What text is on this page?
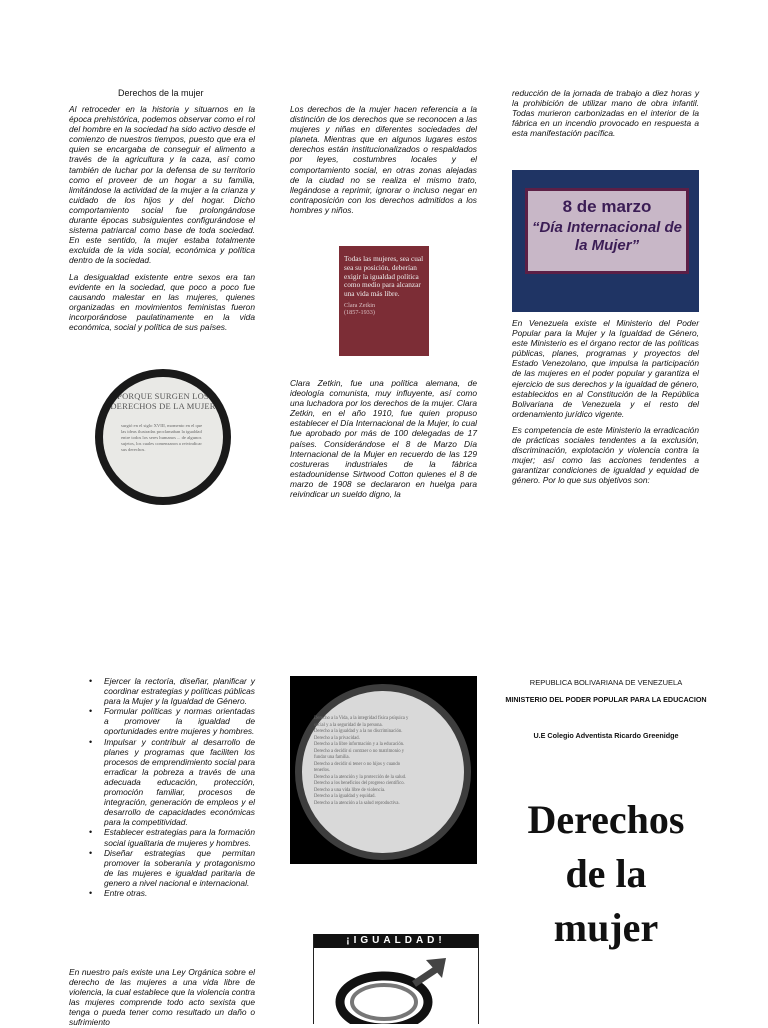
Derechos de la mujer

Al retroceder en la historia y situarnos en la época prehistórica, podemos observar como el rol del hombre en la sociedad ha sido activo desde el comienzo de nuestros tiempos, puesto que era el quien se encargaba de conseguir el alimento a través de la agricultura y la caza, así como también de luchar por la defensa de su territorio como el proveer de un hogar a su familia, limitándose la actividad de la mujer a la crianza y cuidado de los hijos y del hogar. Dicho comportamiento social fue prolongándose durante épocas subsiguientes configurándose el sistema patriarcal como base de toda sociedad. En este sentido, la mujer estaba totalmente excluida de la vida social, económica y política dentro de la sociedad.

La desigualdad existente entre sexos era tan evidente en la sociedad, que poco a poco fue causando malestar en las mujeres, quienes organizadas en movimientos feministas fueron incorporándose paulatinamente en la vida económica, social y política de sus países.

PORQUE SURGEN LOS DERECHOS DE LA MUJER
surgió en el siglo XVIII, momento en el que las ideas ilustradas proclamaban la igualdad entre todos los seres humanos ... de algunos sujetos, los cuales comenzaron a reivindicar sus derechos.

Los derechos de la mujer hacen referencia a la distinción de los derechos que se reconocen a las mujeres y niñas en diferentes sociedades del planeta. Mientras que en algunos lugares estos derechos están institucionalizados o respaldados por leyes, costumbres locales y el comportamiento social, en otras zonas alejadas de la ciudad no se realiza el mismo trato, llegándose a reprimir, ignorar o incluso negar en contraposición con los derechos admitidos a los hombres y niños.

Todas las mujeres, sea cual sea su posición, deberían exigir la igualdad política como medio para alcanzar una vida más libre.
Clara Zetkin
(1857-1933)

Clara Zetkin, fue una política alemana, de ideología comunista, muy influyente, así como una luchadora por los derechos de la mujer. Clara Zetkin, en el año 1910, fue quien propuso establecer el Día Internacional de la Mujer, lo cual fue aprobado por más de 100 delegadas de 17 países. Considerándose el 8 de Marzo Día Internacional de la Mujer en recuerdo de las 129 costureras industriales de la fábrica estadounidense Sirtwood Cotton quienes el 8 de marzo de 1908 se declararon en huelga para reivindicar un sueldo digno, la

reducción de la jornada de trabajo a diez horas y la prohibición de utilizar mano de obra infantil. Todas murieron carbonizadas en el interior de la fábrica en un incendio provocado en respuesta a esta manifestación pacífica.

8 de marzo
“Día Internacional de la Mujer”

En Venezuela existe el Ministerio del Poder Popular para la Mujer y la Igualdad de Género, este Ministerio es el órgano rector de las políticas públicas, planes, programas y proyectos del Estado Venezolano, que impulsa la participación de las mujeres en el poder popular y garantiza el ejercicio de sus derechos y la igualdad de género, establecidos en al Constitución de la República Bolivariana de Venezuela y el resto del ordenamiento jurídico vigente.

Es competencia de este Ministerio la erradicación de prácticas sociales tendentes a la exclusión, discriminación, explotación y violencia contra la mujer; así como las acciones tendentes a garantizar condiciones de igualdad y equidad de género. Por lo que sus objetivos son:

• Ejercer la rectoría, diseñar, planificar y coordinar estrategias y políticas públicas para la Mujer y la Igualdad de Género.
• Formular políticas y normas orientadas a promover la igualdad de oportunidades entre mujeres y hombres.
• Impulsar y contribuir al desarrollo de planes y programas que faciliten los procesos de emprendimiento social para erradicar la pobreza a través de una adecuada educación, protección, promoción familiar, procesos de integración, generación de empleos y el desarrollo de capacidades económicas para la competitividad.
• Establecer estrategias para la formación social igualitaria de mujeres y hombres.
• Diseñar estrategias que permitan promover la soberanía y protagonismo de las mujeres e igualdad paritaria de genero a nivel nacional e internacional.
• Entre otras.

En nuestro país existe una Ley Orgánica sobre el derecho de las mujeres a una vida libre de violencia, la cual establece que la violencia contra las mujeres comprende todo acto sexista que tenga o pueda tener como resultado un daño o sufrimiento

Derecho a la Vida, a la integridad física psíquica y
social y a la seguridad de la persona.
Derecho a la igualdad y a la no discriminación.
Derecho a la privacidad.
Derecho a la libre información y a la educación.
Derecho a decidir si contraer o no matrimonio y
fundar una familia.
Derecho a decidir si tener o no hijos y cuando
tenerlos.
Derecho a la atención y la protección de la salud.
Derecho a los beneficios del progreso científico.
Derecho a una vida libre de violencia.
Derecho a la igualdad y equidad.
Derecho a la atención a la salud reproductiva.
¡IGUALDAD!
REPUBLICA BOLIVARIANA DE VENEZUELA
MINISTERIO DEL PODER POPULAR PARA LA EDUCACION
U.E Colegio Adventista Ricardo Greenidge
Derechos
de la
mujer
